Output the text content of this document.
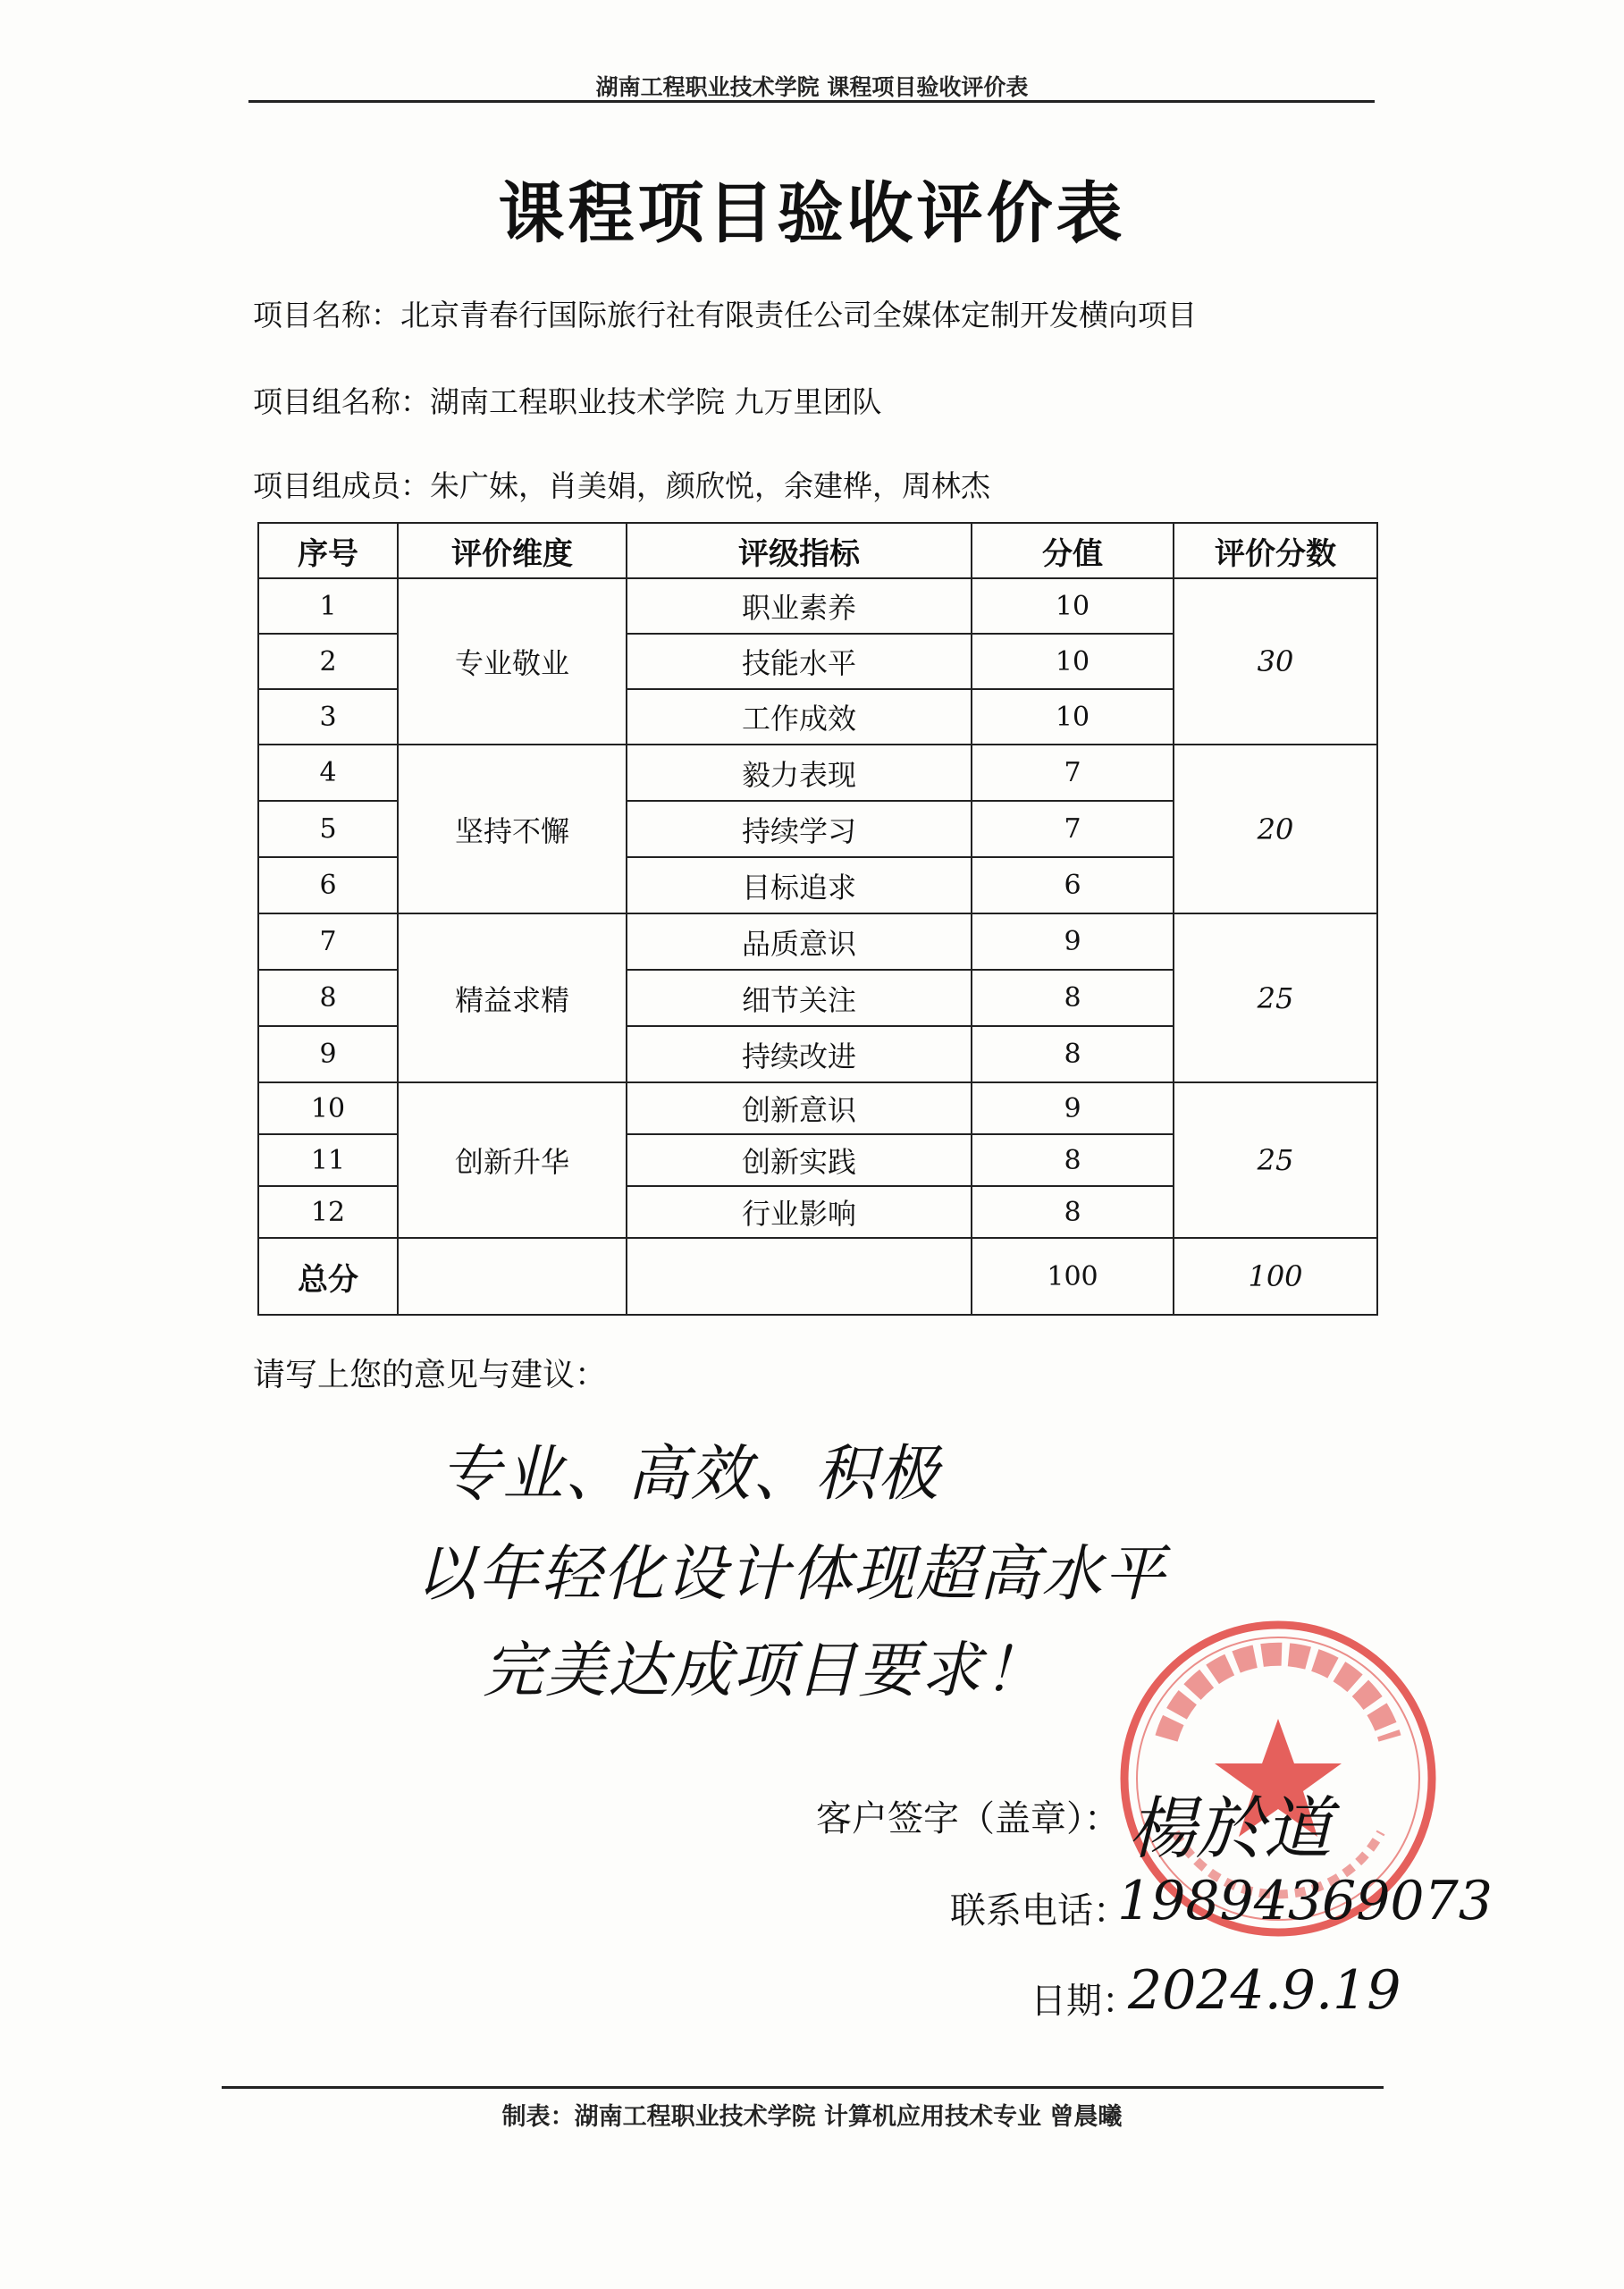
湖南工程职业技术学院 课程项目验收评价表
课程项目验收评价表
项目名称：北京青春行国际旅行社有限责任公司全媒体定制开发横向项目
项目组名称：湖南工程职业技术学院 九万里团队
项目组成员：朱广妹，肖美娟，颜欣悦，余建桦，周林杰
序号	评价维度	评级指标	分值	评价分数
1	专业敬业	职业素养	10	30
2		技能水平	10	
3		工作成效	10	
4	坚持不懈	毅力表现	7	20
5		持续学习	7	
6		目标追求	6	
7	精益求精	品质意识	9	25
8		细节关注	8	
9		持续改进	8	
10	创新升华	创新意识	9	25
11		创新实践	8	
12		行业影响	8	
总分			100	100
请写上您的意见与建议：
专业、高效、积极
以年轻化设计体现超高水平
完美达成项目要求！
客户签字（盖章）： 楊於道
联系电话：
19894369073
日期：
2024.9.19
制表：湖南工程职业技术学院 计算机应用技术专业 曾晨曦
